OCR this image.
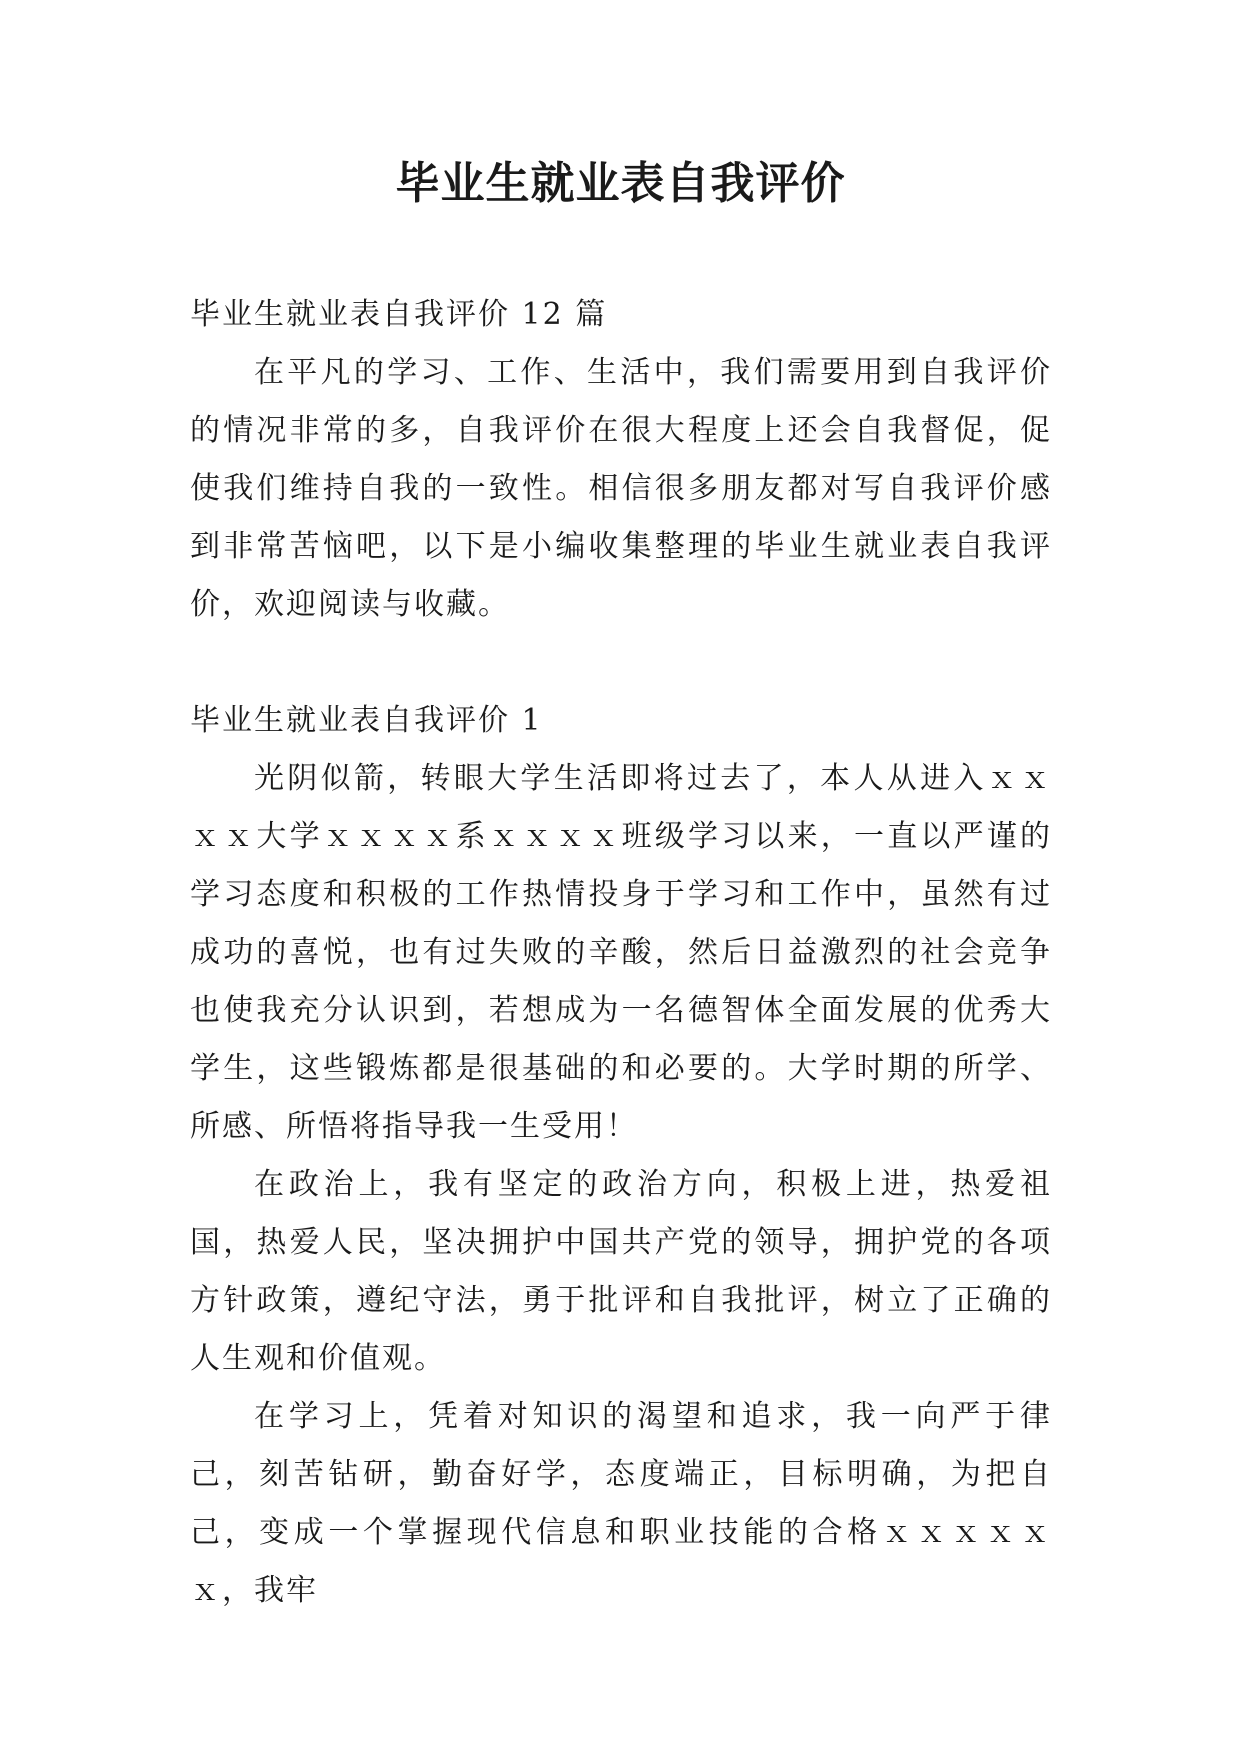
毕业生就业表自我评价

毕业生就业表自我评价 12 篇

在平凡的学习、工作、生活中，我们需要用到自我评价的情况非常的多，自我评价在很大程度上还会自我督促，促使我们维持自我的一致性。相信很多朋友都对写自我评价感到非常苦恼吧，以下是小编收集整理的毕业生就业表自我评价，欢迎阅读与收藏。

毕业生就业表自我评价 1

光阴似箭，转眼大学生活即将过去了，本人从进入ｘｘｘｘ大学ｘｘｘｘ系ｘｘｘｘ班级学习以来，一直以严谨的学习态度和积极的工作热情投身于学习和工作中，虽然有过成功的喜悦，也有过失败的辛酸，然后日益激烈的社会竞争也使我充分认识到，若想成为一名德智体全面发展的优秀大学生，这些锻炼都是很基础的和必要的。大学时期的所学、所感、所悟将指导我一生受用！

在政治上，我有坚定的政治方向，积极上进，热爱祖国，热爱人民，坚决拥护中国共产党的领导，拥护党的各项方针政策，遵纪守法，勇于批评和自我批评，树立了正确的人生观和价值观。

在学习上，凭着对知识的渴望和追求，我一向严于律己，刻苦钻研，勤奋好学，态度端正，目标明确，为把自己，变成一个掌握现代信息和职业技能的合格ｘｘｘｘｘｘ，我牢
